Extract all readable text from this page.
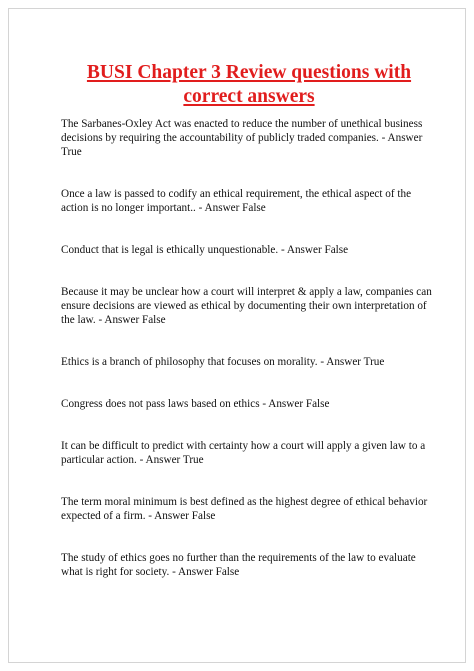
BUSI Chapter 3 Review questions with
correct answers

The Sarbanes-Oxley Act was enacted to reduce the number of unethical business decisions by requiring the accountability of publicly traded companies. - Answer True

Once a law is passed to codify an ethical requirement, the ethical aspect of the action is no longer important.. - Answer False

Conduct that is legal is ethically unquestionable. - Answer False

Because it may be unclear how a court will interpret & apply a law, companies can ensure decisions are viewed as ethical by documenting their own interpretation of the law. - Answer False

Ethics is a branch of philosophy that focuses on morality. - Answer True

Congress does not pass laws based on ethics - Answer False

It can be difficult to predict with certainty how a court will apply a given law to a particular action. - Answer True

The term moral minimum is best defined as the highest degree of ethical behavior expected of a firm. - Answer False

The study of ethics goes no further than the requirements of the law to evaluate what is right for society. - Answer False
